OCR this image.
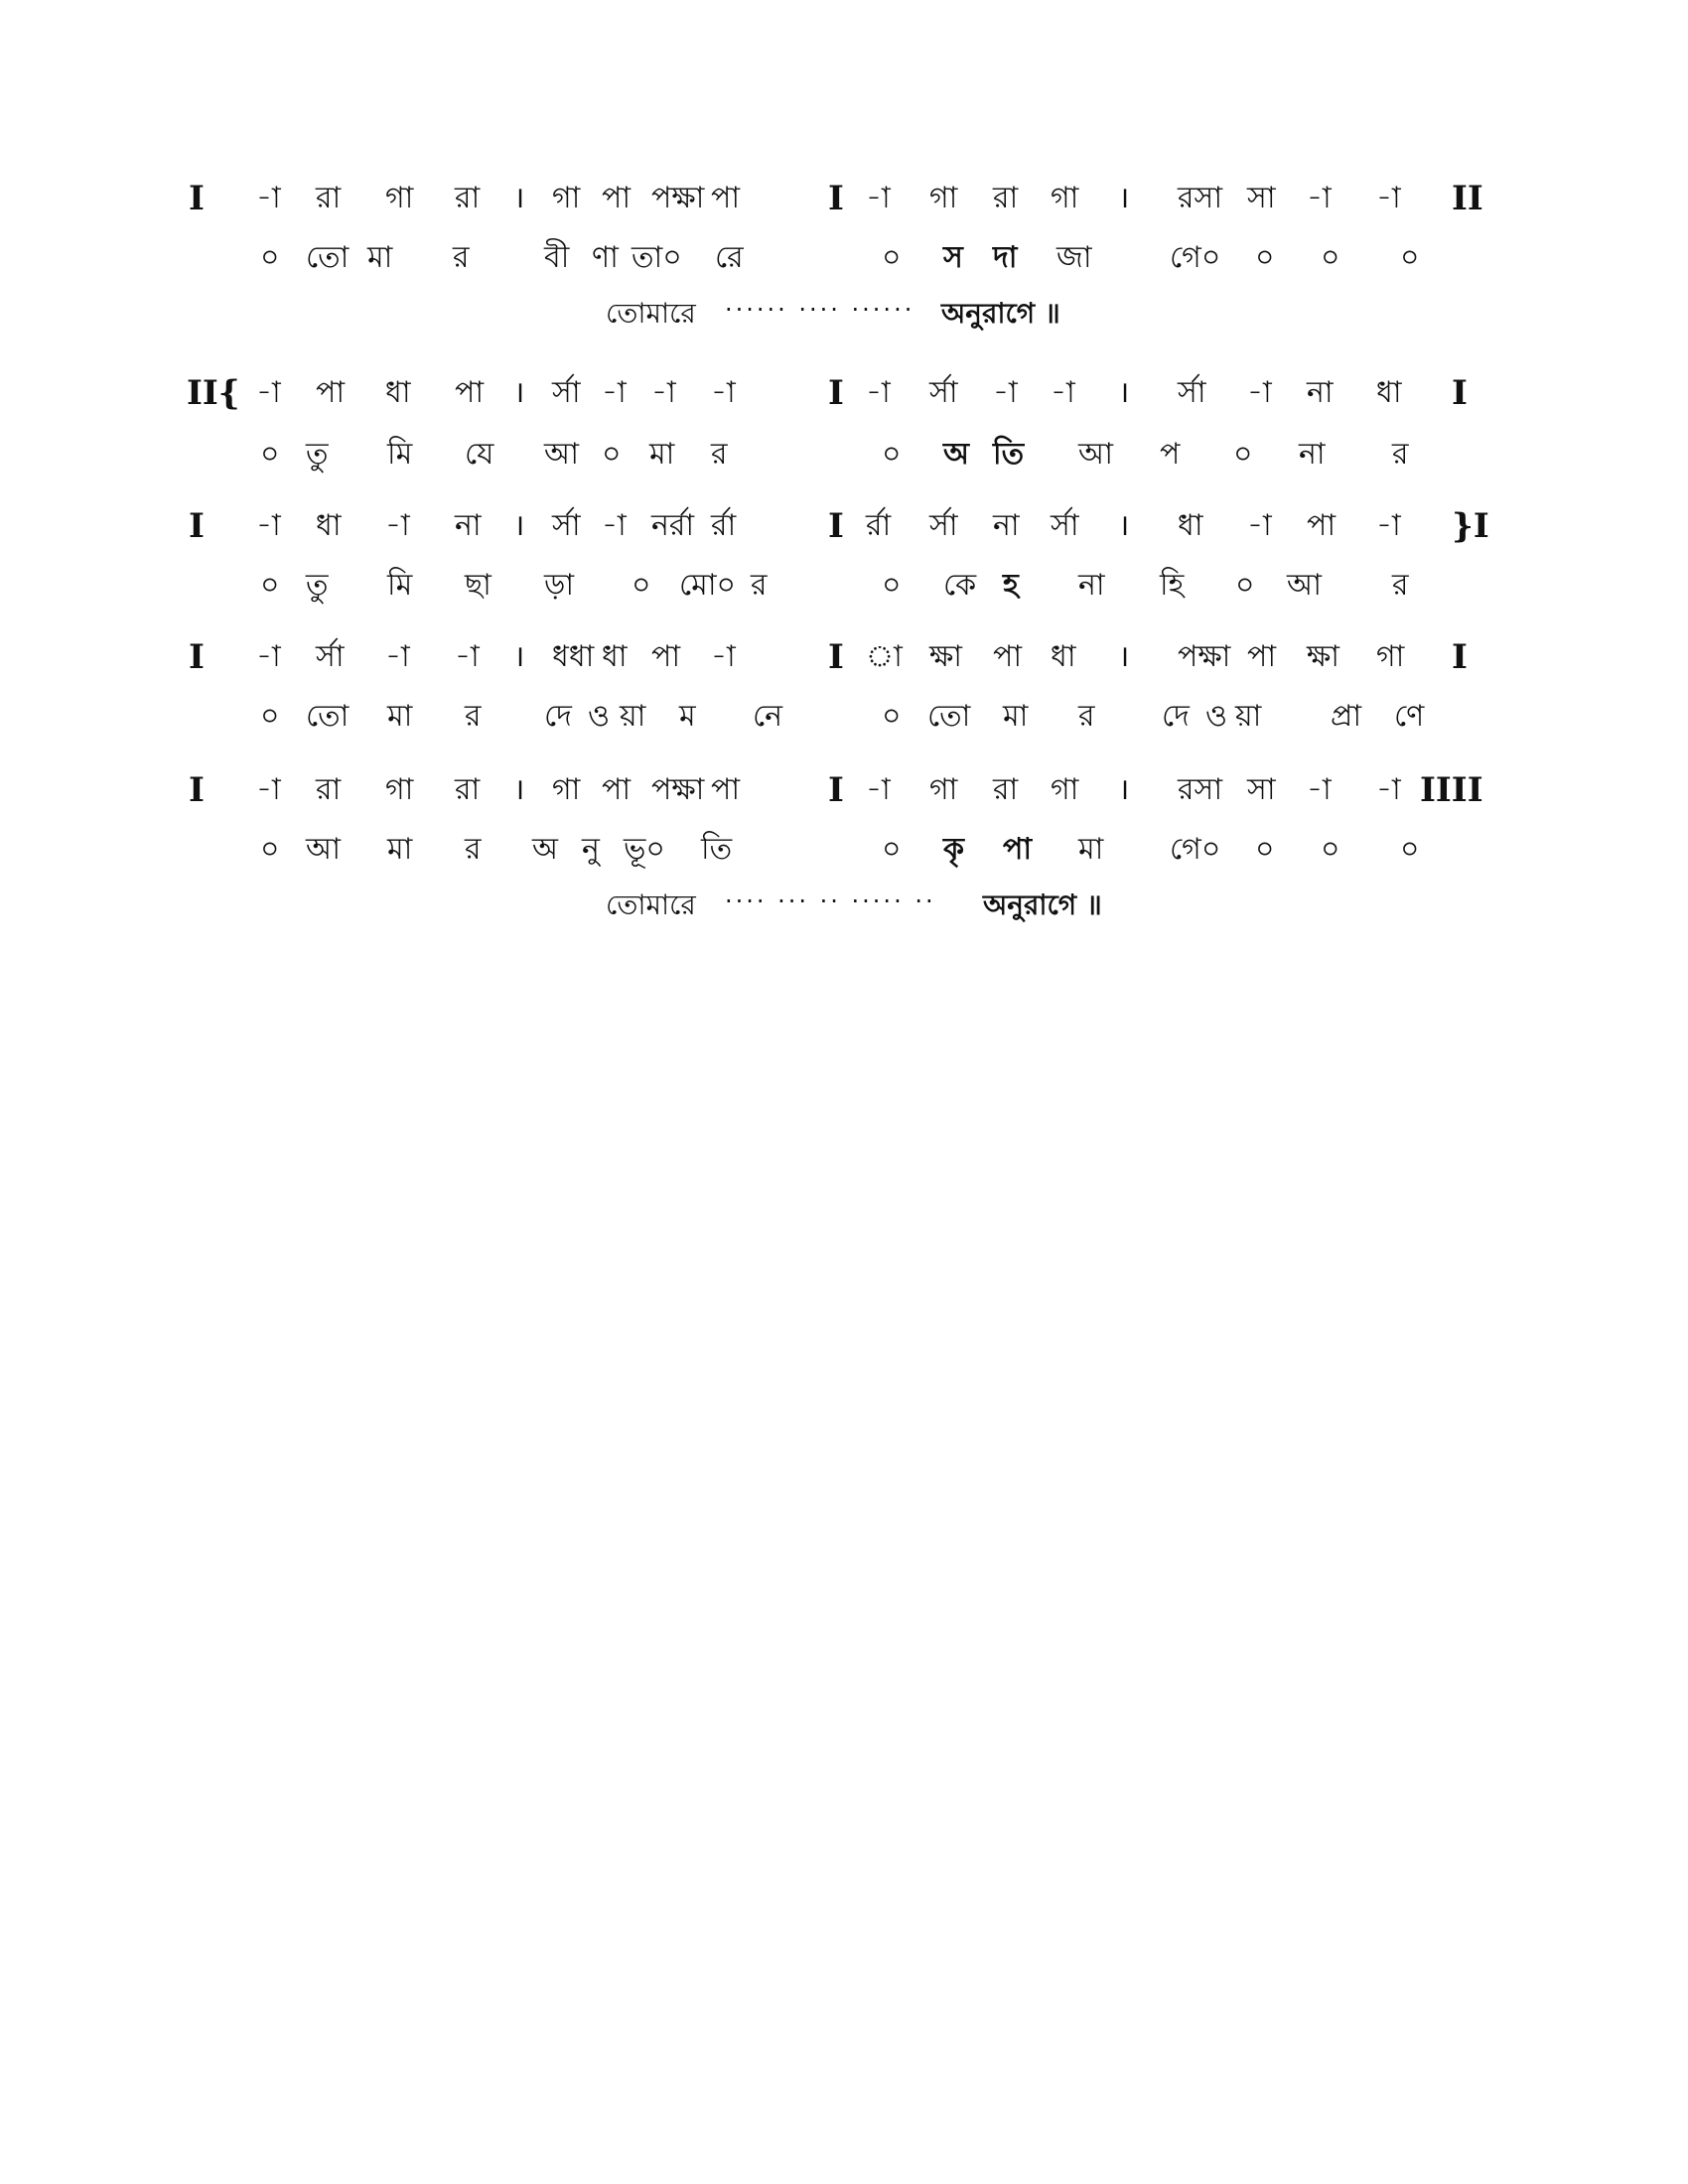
I -া রা গা রা । গা পা পক্ষা পা	I -া গা রা গা । রসা সা -া -া II
০ তো মা র	বী ণা তা০ রে	০ স দা জা	গে০ ০ ০ ০
তোমারে ······ ···· ······ অনুরাগে ॥
II{ -া পা ধা পা । র্সা -া -া -া	I -া র্সা -া -া । র্সা -া না ধা I
০ তু মি যে আ ০ মা র	০ অ তি আ প ০ না র
I -া ধা -া না । র্সা -া নর্রা র্রা	I র্রা র্সা না র্সা । ধা -া পা -া }I
০ তু মি ছা ড়া ০ মো০ র	০ কে হ না হি ০ আ র
I -া র্সা -া -া । ধধা ধা পা -া	I া ক্ষা পা ধা । পক্ষা পা ক্ষা গা I
০ তো মা র দে ও য়া ম নে	০ তো মা র দে ও য়া প্রা ণে
I -া রা গা রা । গা পা পক্ষা পা	I -া গা রা গা । রসা সা -া -া IIII
০ আ মা র অ নু ভূ০ তি	০ কৃ পা মা গে০ ০ ০ ০
তোমারে ···· ··· ·· ····· ·· অনুরাগে ॥
